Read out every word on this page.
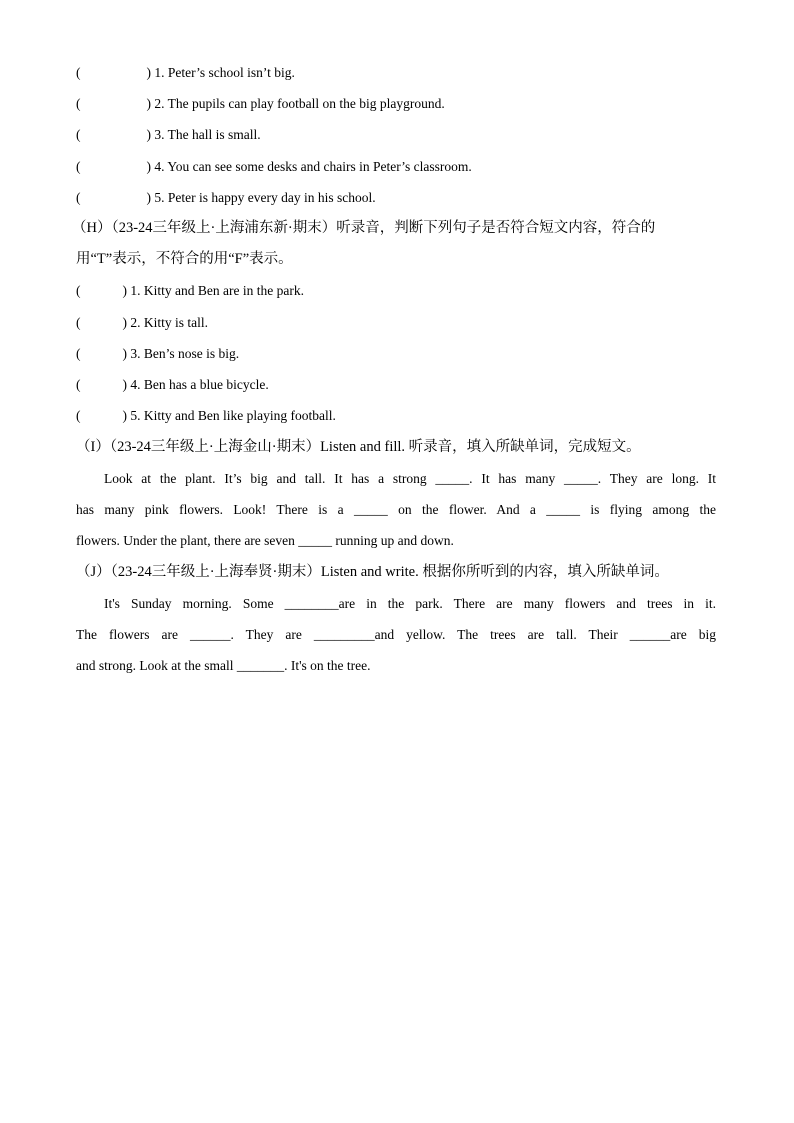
(	) 1. Peter’s school isn’t big.
(	) 2. The pupils can play football on the big playground.
(	) 3. The hall is small.
(	) 4. You can see some desks and chairs in Peter’s classroom.
(	) 5. Peter is happy every day in his school.
（H）（23-24三年级上·上海浦东新·期末）听录音，判断下列句子是否符合短文内容，符合的
用“T”表示，不符合的用“F”表示。
(	) 1. Kitty and Ben are in the park.
(	) 2. Kitty is tall.
(	) 3. Ben’s nose is big.
(	) 4. Ben has a blue bicycle.
(	) 5. Kitty and Ben like playing football.
（I）（23-24三年级上·上海金山·期末）Listen and fill. 听录音，填入所缺单词，完成短文。
Look at the plant. It’s big and tall. It has a strong _____. It has many _____. They are long. It
has many pink flowers. Look! There is a _____ on the flower. And a _____ is flying among the
flowers. Under the plant, there are seven _____ running up and down.
（J）（23-24三年级上·上海奉贤·期末）Listen and write. 根据你所听到的内容，填入所缺单词。
It's Sunday morning. Some ________are in the park. There are many flowers and trees in it.
The flowers are ______. They are _________and yellow. The trees are tall. Their ______are big
and strong. Look at the small _______. It's on the tree.
